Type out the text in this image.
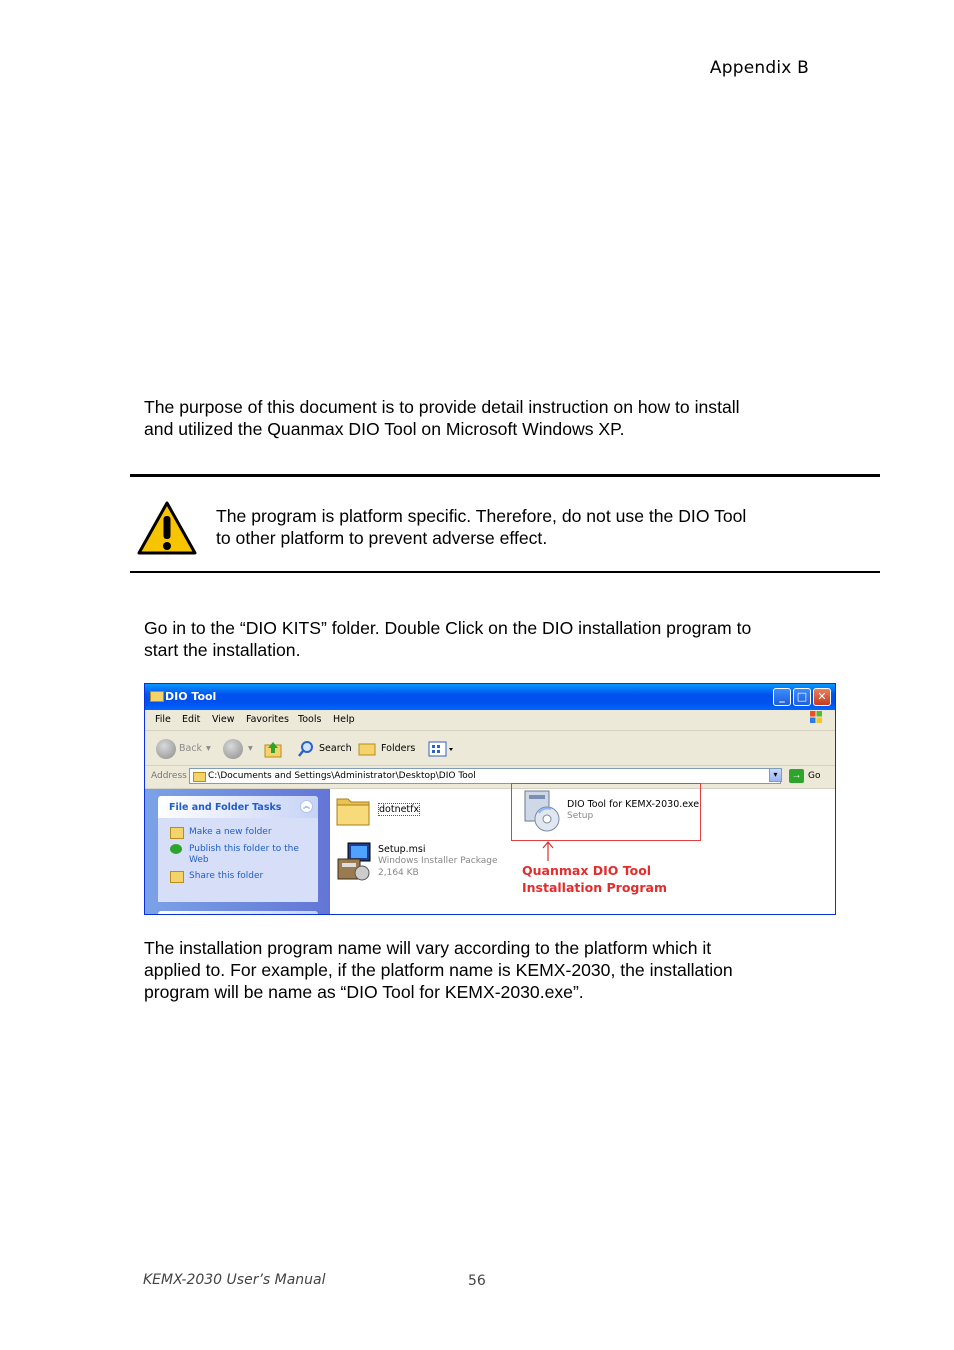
Appendix B
The purpose of this document is to provide detail instruction on how to install
and utilized the Quanmax DIO Tool on Microsoft Windows XP.
The program is platform specific. Therefore, do not use the DIO Tool
to other platform to prevent adverse effect.
Go in to the “DIO KITS” folder. Double Click on the DIO installation program to
start the installation.
DIO Tool	_	□ ✕
File Edit View Favorites Tools Help
Back ▾	▾	Search	Folders
Address C:\Documents and Settings\Administrator\Desktop\DIO Tool	▾	→ Go
File and Folder Tasks	︽
Make a new folder
Publish this folder to the
Web
Share this folder
dotnetfx
Setup.msi
Windows Installer Package
2,164 KB
DIO Tool for KEMX-2030.exe
Setup
Quanmax DIO Tool
Installation Program
The installation program name will vary according to the platform which it
applied to. For example, if the platform name is KEMX-2030, the installation
program will be name as “DIO Tool for KEMX-2030.exe”.
KEMX-2030 User’s Manual	56
